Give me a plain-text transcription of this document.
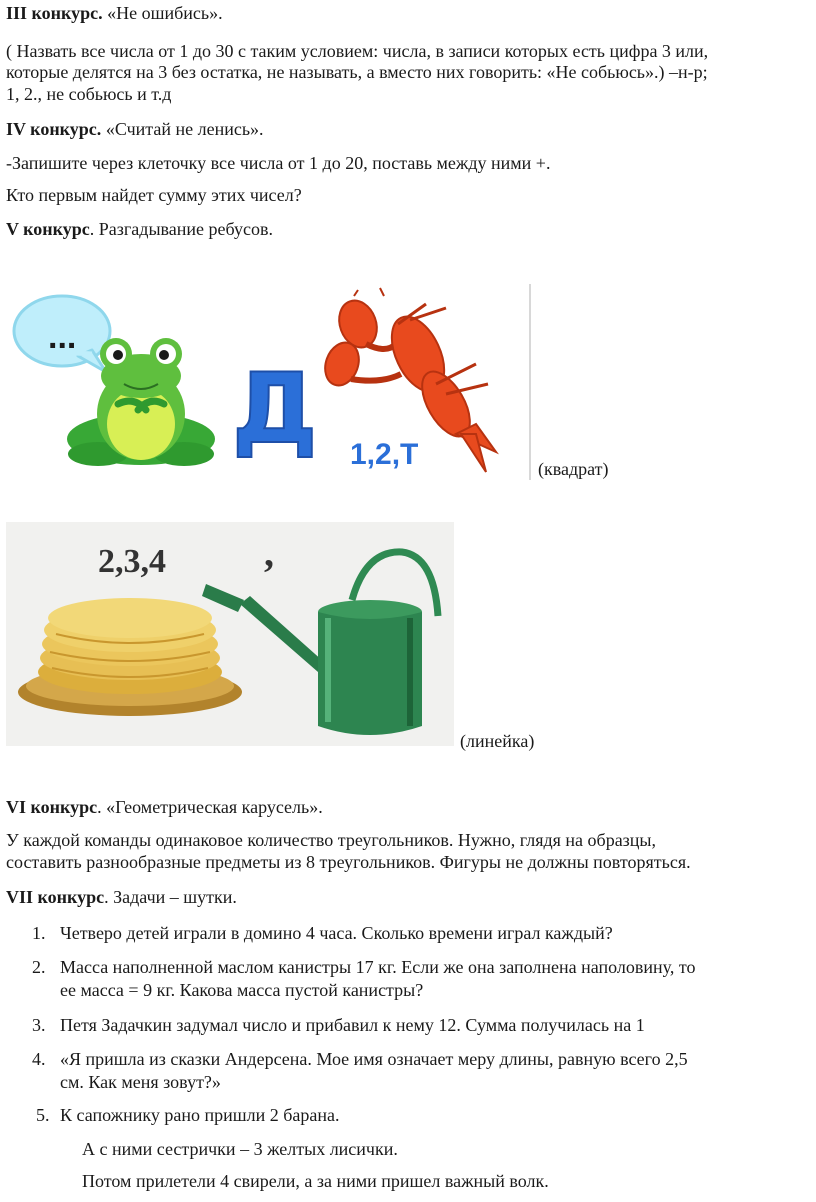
III конкурс. «Не ошибись».
( Назвать все числа от 1 до 30 с таким условием: числа, в записи которых есть цифра 3 или,
которые делятся на 3 без остатка, не называть, а вместо них говорить: «Не собьюсь».) –н-р;
1, 2., не собьюсь и т.д
IV конкурс. «Считай не ленись».
-Запишите через клеточку все числа от 1 до 20, поставь между ними +.
Кто первым найдет сумму этих чисел?
V конкурс. Разгадывание ребусов.
...
Д 1,2,Т	(квадрат)
2,3,4 ,
(линейка)
VI конкурс. «Геометрическая карусель».
У каждой команды одинаковое количество треугольников. Нужно, глядя на образцы,
составить разнообразные предметы из 8 треугольников. Фигуры не должны повторяться.
VII конкурс. Задачи – шутки.
1. Четверо детей играли в домино 4 часа. Сколько времени играл каждый?
2. Масса наполненной маслом канистры 17 кг. Если же она заполнена наполовину, то
ее масса = 9 кг. Какова масса пустой канистры?
3. Петя Задачкин задумал число и прибавил к нему 12. Сумма получилась на 1
4. «Я пришла из сказки Андерсена. Мое имя означает меру длины, равную всего 2,5
см. Как меня зовут?»
5. К сапожнику рано пришли 2 барана.
А с ними сестрички – 3 желтых лисички.
Потом прилетели 4 свирели, а за ними пришел важный волк.
